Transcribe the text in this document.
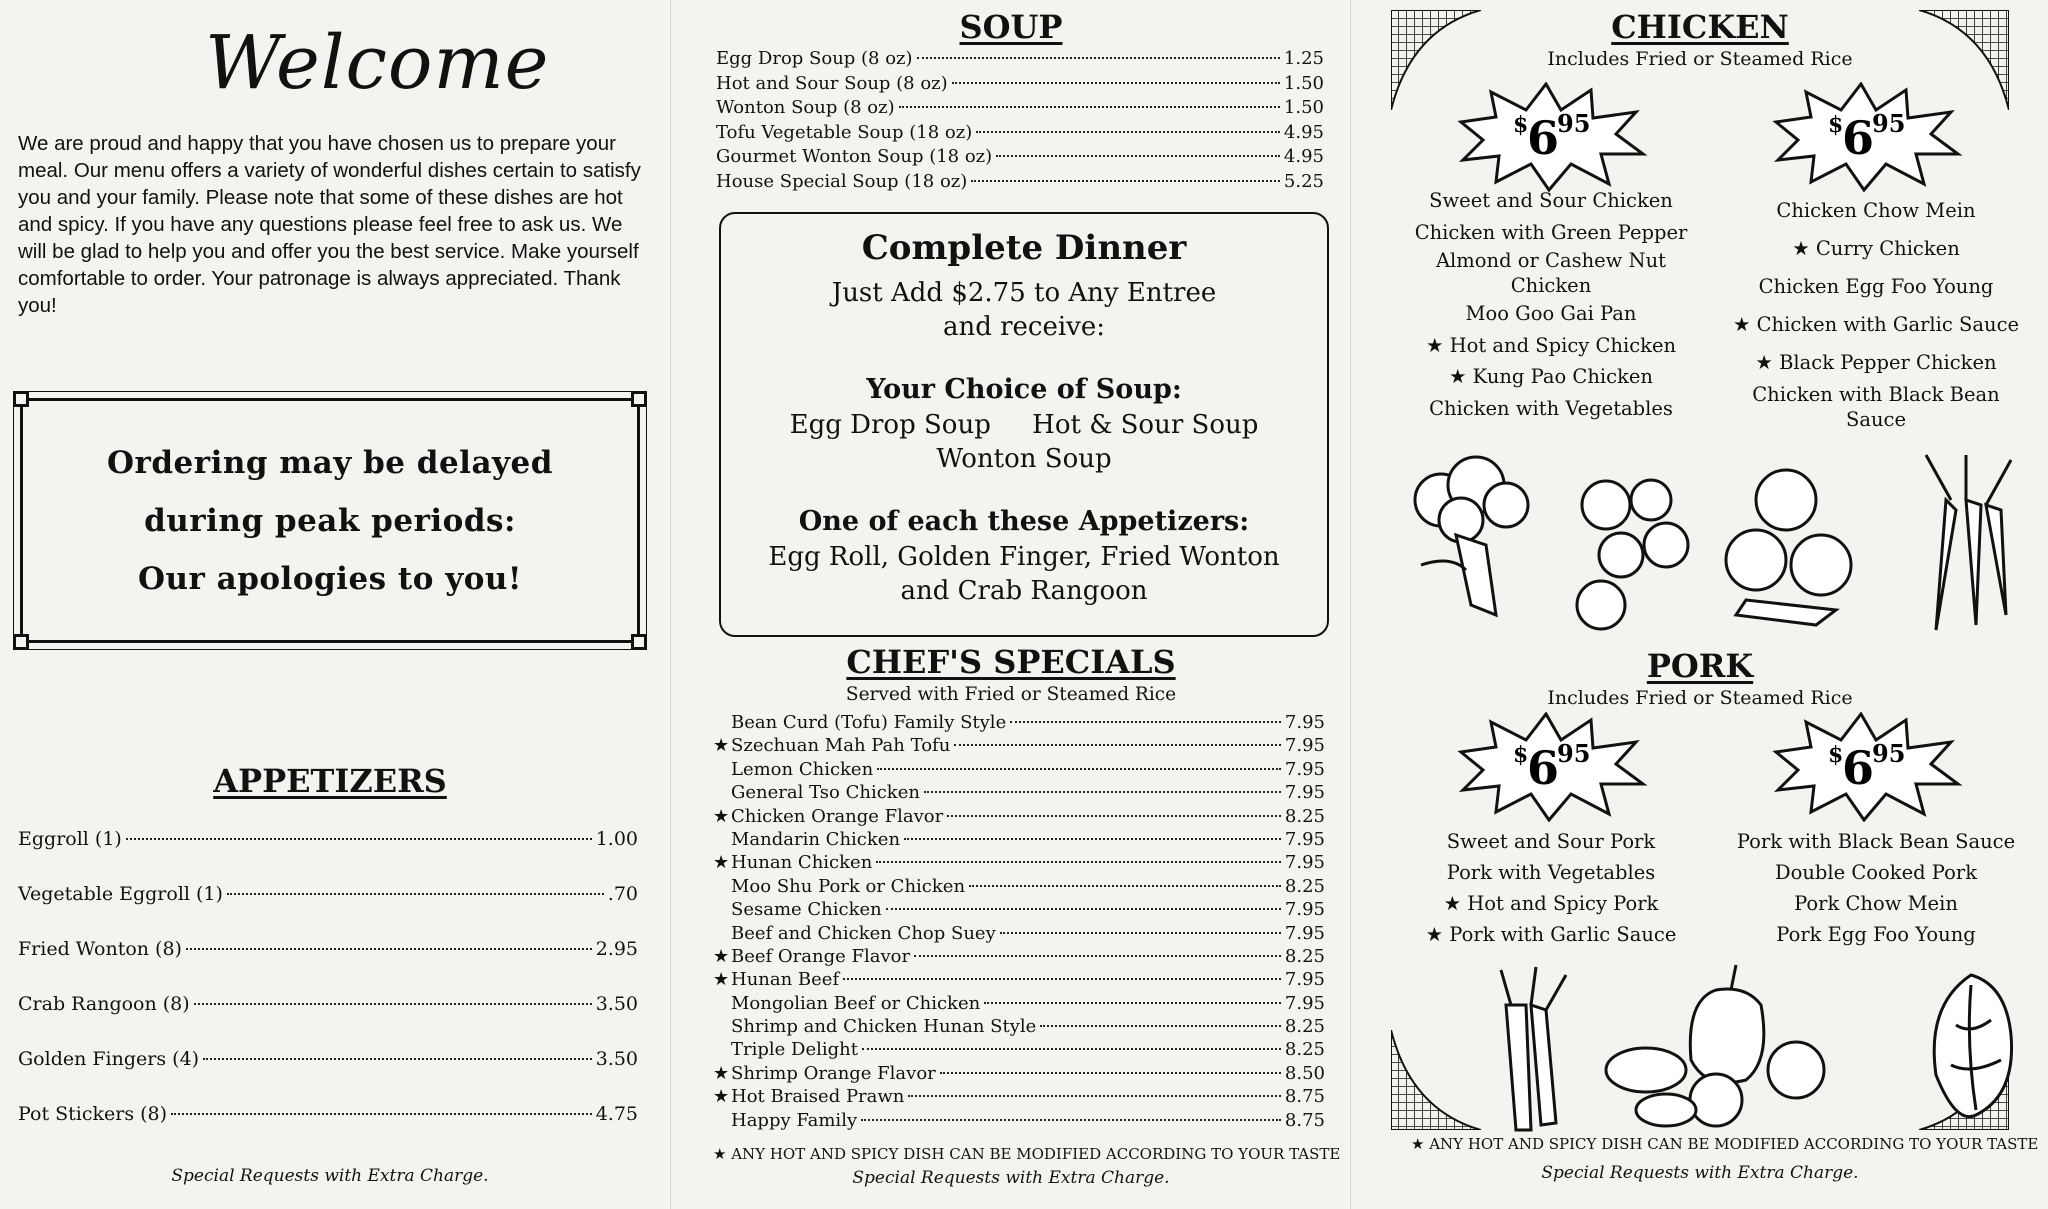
Welcome

We are proud and happy that you have chosen us to prepare your meal. Our menu offers a variety of wonderful dishes certain to satisfy you and your family. Please note that some of these dishes are hot and spicy. If you have any questions please feel free to ask us. We will be glad to help you and offer you the best service. Make yourself comfortable to order. Your patronage is always appreciated. Thank you!

Ordering may be delayed
during peak periods:
Our apologies to you!
APPETIZERS
Eggroll (1)	1.00
Vegetable Eggroll (1)	.70
Fried Wonton (8)	2.95
Crab Rangoon (8)	3.50
Golden Fingers (4)	3.50
Pot Stickers (8)	4.75
Special Requests with Extra Charge.
SOUP
Egg Drop Soup (8 oz)	1.25
Hot and Sour Soup (8 oz)	1.50
Wonton Soup (8 oz)	1.50
Tofu Vegetable Soup (18 oz)	4.95
Gourmet Wonton Soup (18 oz)	4.95
House Special Soup (18 oz)	5.25
Complete Dinner
Just Add $2.75 to Any Entree
and receive:
Your Choice of Soup:
Egg Drop Soup     Hot & Sour Soup
Wonton Soup
One of each these Appetizers:
Egg Roll, Golden Finger, Fried Wonton
and Crab Rangoon
CHEF'S SPECIALS
Served with Fried or Steamed Rice
Bean Curd (Tofu) Family Style	7.95
★ Szechuan Mah Pah Tofu	7.95
Lemon Chicken	7.95
General Tso Chicken	7.95
★ Chicken Orange Flavor	8.25
Mandarin Chicken	7.95
★ Hunan Chicken	7.95
Moo Shu Pork or Chicken	8.25
Sesame Chicken	7.95
Beef and Chicken Chop Suey	7.95
★ Beef Orange Flavor	8.25
★ Hunan Beef	7.95
Mongolian Beef or Chicken	7.95
Shrimp and Chicken Hunan Style	8.25
Triple Delight	8.25
★ Shrimp Orange Flavor	8.50
★ Hot Braised Prawn	8.75
Happy Family	8.75
★ ANY HOT AND SPICY DISH CAN BE MODIFIED ACCORDING TO YOUR TASTE
Special Requests with Extra Charge.
CHICKEN
Includes Fried or Steamed Rice
$
6
95	$
6
95
Sweet and Sour Chicken
Chicken with Green Pepper
Almond or Cashew Nut
Chicken
Moo Goo Gai Pan
★ Hot and Spicy Chicken
★ Kung Pao Chicken
Chicken with Vegetables
Chicken Chow Mein
★ Curry Chicken
Chicken Egg Foo Young
★ Chicken with Garlic Sauce
★ Black Pepper Chicken
Chicken with Black Bean
Sauce
PORK
Includes Fried or Steamed Rice
$
6
95	$
6
95
Sweet and Sour Pork
Pork with Vegetables
★ Hot and Spicy Pork
★ Pork with Garlic Sauce
Pork with Black Bean Sauce
Double Cooked Pork
Pork Chow Mein
Pork Egg Foo Young
★ ANY HOT AND SPICY DISH CAN BE MODIFIED ACCORDING TO YOUR TASTE
Special Requests with Extra Charge.
